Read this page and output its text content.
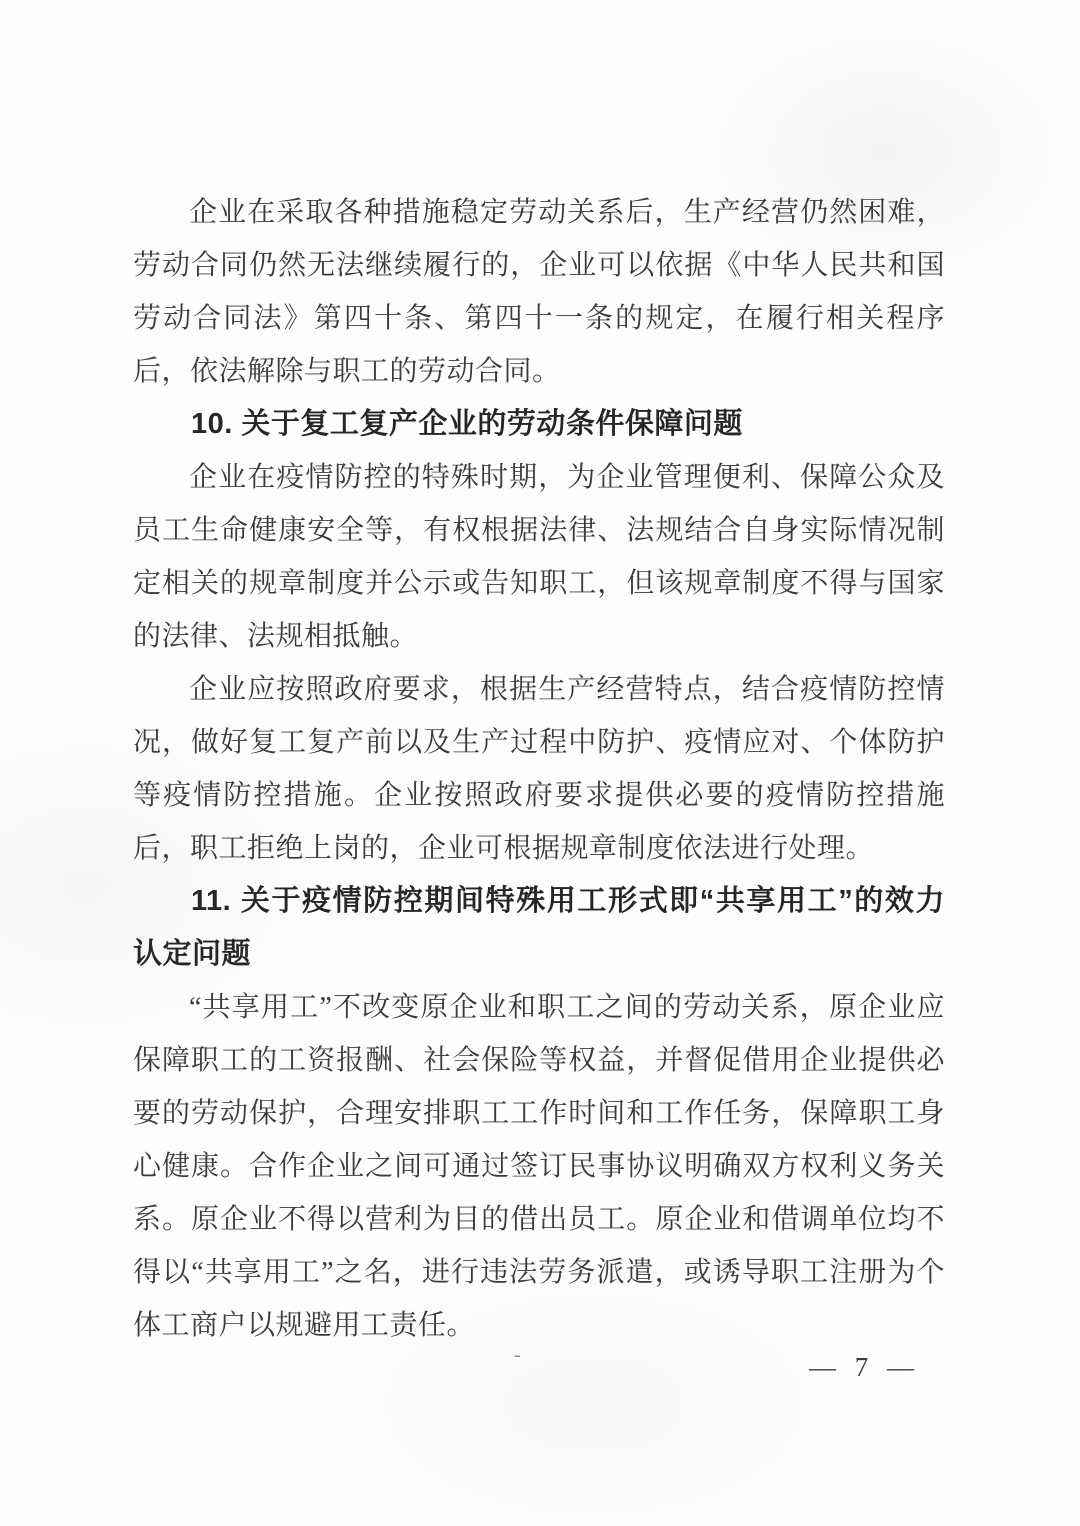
企业在采取各种措施稳定劳动关系后，生产经营仍然困难，劳动合同仍然无法继续履行的，企业可以依据《中华人民共和国劳动合同法》第四十条、第四十一条的规定，在履行相关程序后，依法解除与职工的劳动合同。

10. 关于复工复产企业的劳动条件保障问题

企业在疫情防控的特殊时期，为企业管理便利、保障公众及员工生命健康安全等，有权根据法律、法规结合自身实际情况制定相关的规章制度并公示或告知职工，但该规章制度不得与国家的法律、法规相抵触。

企业应按照政府要求，根据生产经营特点，结合疫情防控情况，做好复工复产前以及生产过程中防护、疫情应对、个体防护等疫情防控措施。企业按照政府要求提供必要的疫情防控措施后，职工拒绝上岗的，企业可根据规章制度依法进行处理。

11. 关于疫情防控期间特殊用工形式即“共享用工”的效力认定问题

“共享用工”不改变原企业和职工之间的劳动关系，原企业应保障职工的工资报酬、社会保险等权益，并督促借用企业提供必要的劳动保护，合理安排职工工作时间和工作任务，保障职工身心健康。合作企业之间可通过签订民事协议明确双方权利义务关系。原企业不得以营利为目的借出员工。原企业和借调单位均不得以“共享用工”之名，进行违法劳务派遣，或诱导职工注册为个体工商户以规避用工责任。

-	— 7 —
